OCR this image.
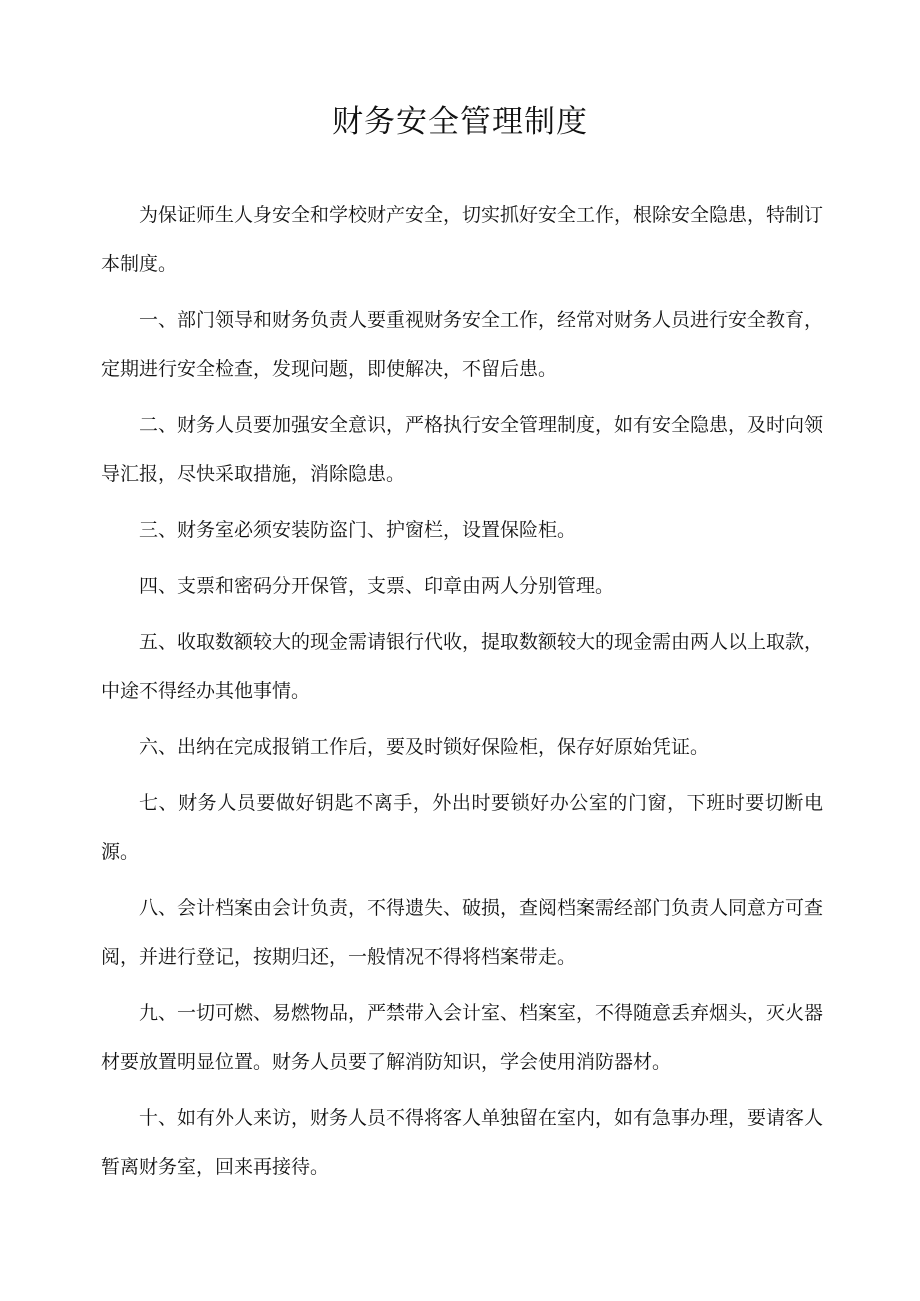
财务安全管理制度

为保证师生人身安全和学校财产安全，切实抓好安全工作，根除安全隐患，特制订本制度。

一、部门领导和财务负责人要重视财务安全工作，经常对财务人员进行安全教育，定期进行安全检查，发现问题，即使解决，不留后患。

二、财务人员要加强安全意识，严格执行安全管理制度，如有安全隐患，及时向领导汇报，尽快采取措施，消除隐患。

三、财务室必须安装防盗门、护窗栏，设置保险柜。

四、支票和密码分开保管，支票、印章由两人分别管理。

五、收取数额较大的现金需请银行代收，提取数额较大的现金需由两人以上取款，中途不得经办其他事情。

六、出纳在完成报销工作后，要及时锁好保险柜，保存好原始凭证。

七、财务人员要做好钥匙不离手，外出时要锁好办公室的门窗，下班时要切断电源。

八、会计档案由会计负责，不得遗失、破损，查阅档案需经部门负责人同意方可查阅，并进行登记，按期归还，一般情况不得将档案带走。

九、一切可燃、易燃物品，严禁带入会计室、档案室，不得随意丢弃烟头，灭火器材要放置明显位置。财务人员要了解消防知识，学会使用消防器材。

十、如有外人来访，财务人员不得将客人单独留在室内，如有急事办理，要请客人暂离财务室，回来再接待。
